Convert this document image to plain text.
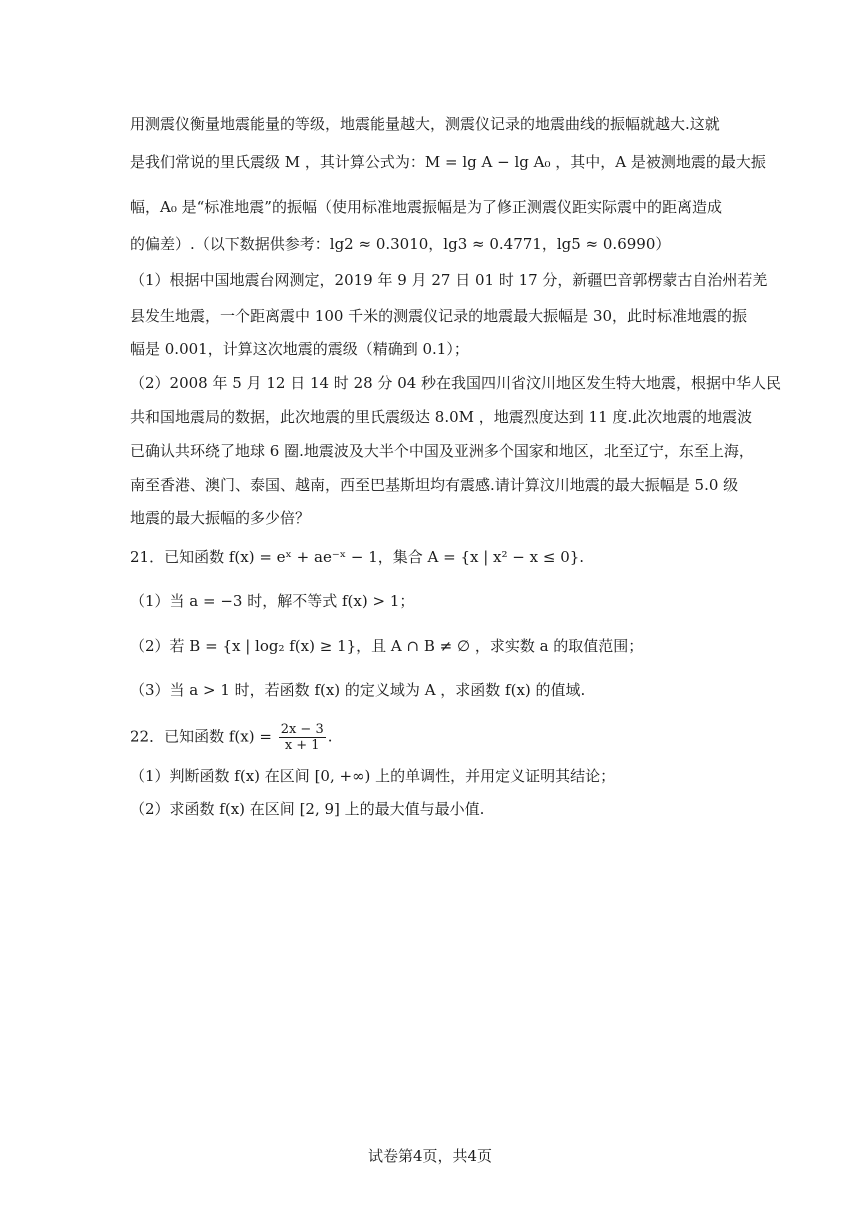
用测震仪衡量地震能量的等级，地震能量越大，测震仪记录的地震曲线的振幅就越大.这就
是我们常说的里氏震级 M ，其计算公式为：M = lg A − lg A₀ ，其中，A 是被测地震的最大振
幅，A₀ 是“标准地震”的振幅（使用标准地震振幅是为了修正测震仪距实际震中的距离造成
的偏差）.（以下数据供参考：lg2 ≈ 0.3010，lg3 ≈ 0.4771，lg5 ≈ 0.6990）
（1）根据中国地震台网测定，2019 年 9 月 27 日 01 时 17 分，新疆巴音郭楞蒙古自治州若羌
县发生地震，一个距离震中 100 千米的测震仪记录的地震最大振幅是 30，此时标准地震的振
幅是 0.001，计算这次地震的震级（精确到 0.1）；
（2）2008 年 5 月 12 日 14 时 28 分 04 秒在我国四川省汶川地区发生特大地震，根据中华人民
共和国地震局的数据，此次地震的里氏震级达 8.0M ，地震烈度达到 11 度.此次地震的地震波
已确认共环绕了地球 6 圈.地震波及大半个中国及亚洲多个国家和地区，北至辽宁，东至上海，
南至香港、澳门、泰国、越南，西至巴基斯坦均有震感.请计算汶川地震的最大振幅是 5.0 级
地震的最大振幅的多少倍？
21．已知函数 f(x) = eˣ + ae⁻ˣ − 1，集合 A = {x | x² − x ≤ 0}.
（1）当 a = −3 时，解不等式 f(x) > 1；
（2）若 B = {x | log₂ f(x) ≥ 1}，且 A ∩ B ≠ ∅ ，求实数 a 的取值范围；
（3）当 a > 1 时，若函数 f(x) 的定义域为 A ，求函数 f(x) 的值域.
22．已知函数 $f(x) = \frac{2x - 3}{x + 1}$ .
（1）判断函数 f(x) 在区间 [0, +∞) 上的单调性，并用定义证明其结论；
（2）求函数 f(x) 在区间 [2, 9] 上的最大值与最小值.
试卷第4页，共4页
